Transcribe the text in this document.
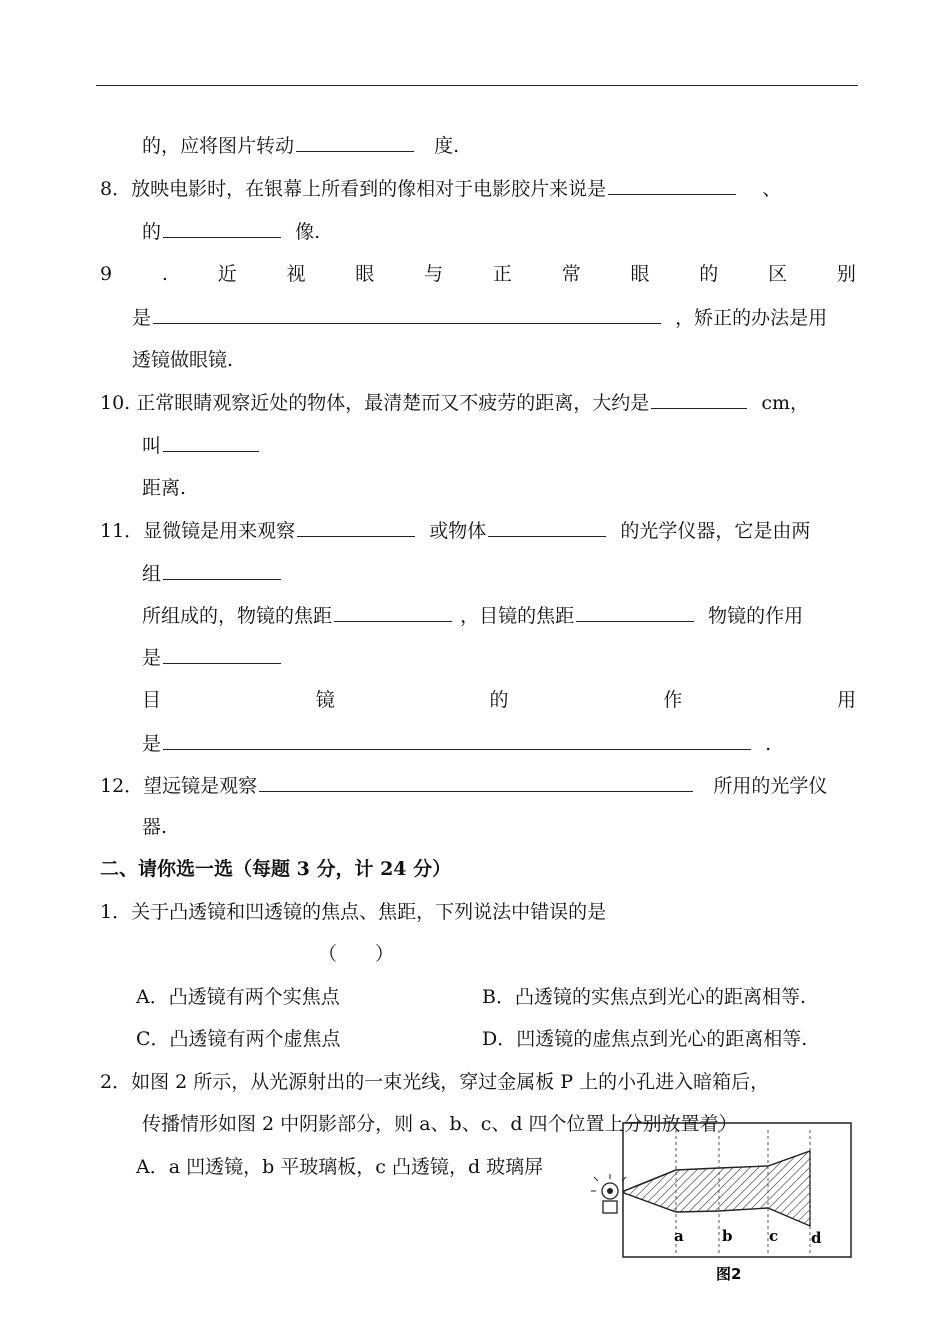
的，应将图片转动	度.
8．放映电影时，在银幕上所看到的像相对于电影胶片来说是	、
的	像.
9	.	近	视	眼	与	正	常	眼	的	区	别
是	，矫正的办法是用
透镜做眼镜.
10. 正常眼睛观察近处的物体，最清楚而又不疲劳的距离，大约是	cm，
叫
距离.
11．显微镜是用来观察	或物体	的光学仪器，它是由两
组
所组成的，物镜的焦距	，目镜的焦距	物镜的作用
是
目	镜	的	作	用
是	.
12．望远镜是观察	所用的光学仪
器.
二、请你选一选（每题 3 分，计 24 分）
1．关于凸透镜和凹透镜的焦点、焦距，下列说法中错误的是
（　　）
A．凸透镜有两个实焦点	B．凸透镜的实焦点到光心的距离相等.
C．凸透镜有两个虚焦点	D．凹透镜的虚焦点到光心的距离相等.
2．如图 2 所示，从光源射出的一束光线，穿过金属板 P 上的小孔进入暗箱后，
传播情形如图 2 中阴影部分，则 a、b、c、d 四个位置上分别放置着）
A．a 凹透镜，b 平玻璃板，c 凸透镜，d 玻璃屏
a	b c d
图2
